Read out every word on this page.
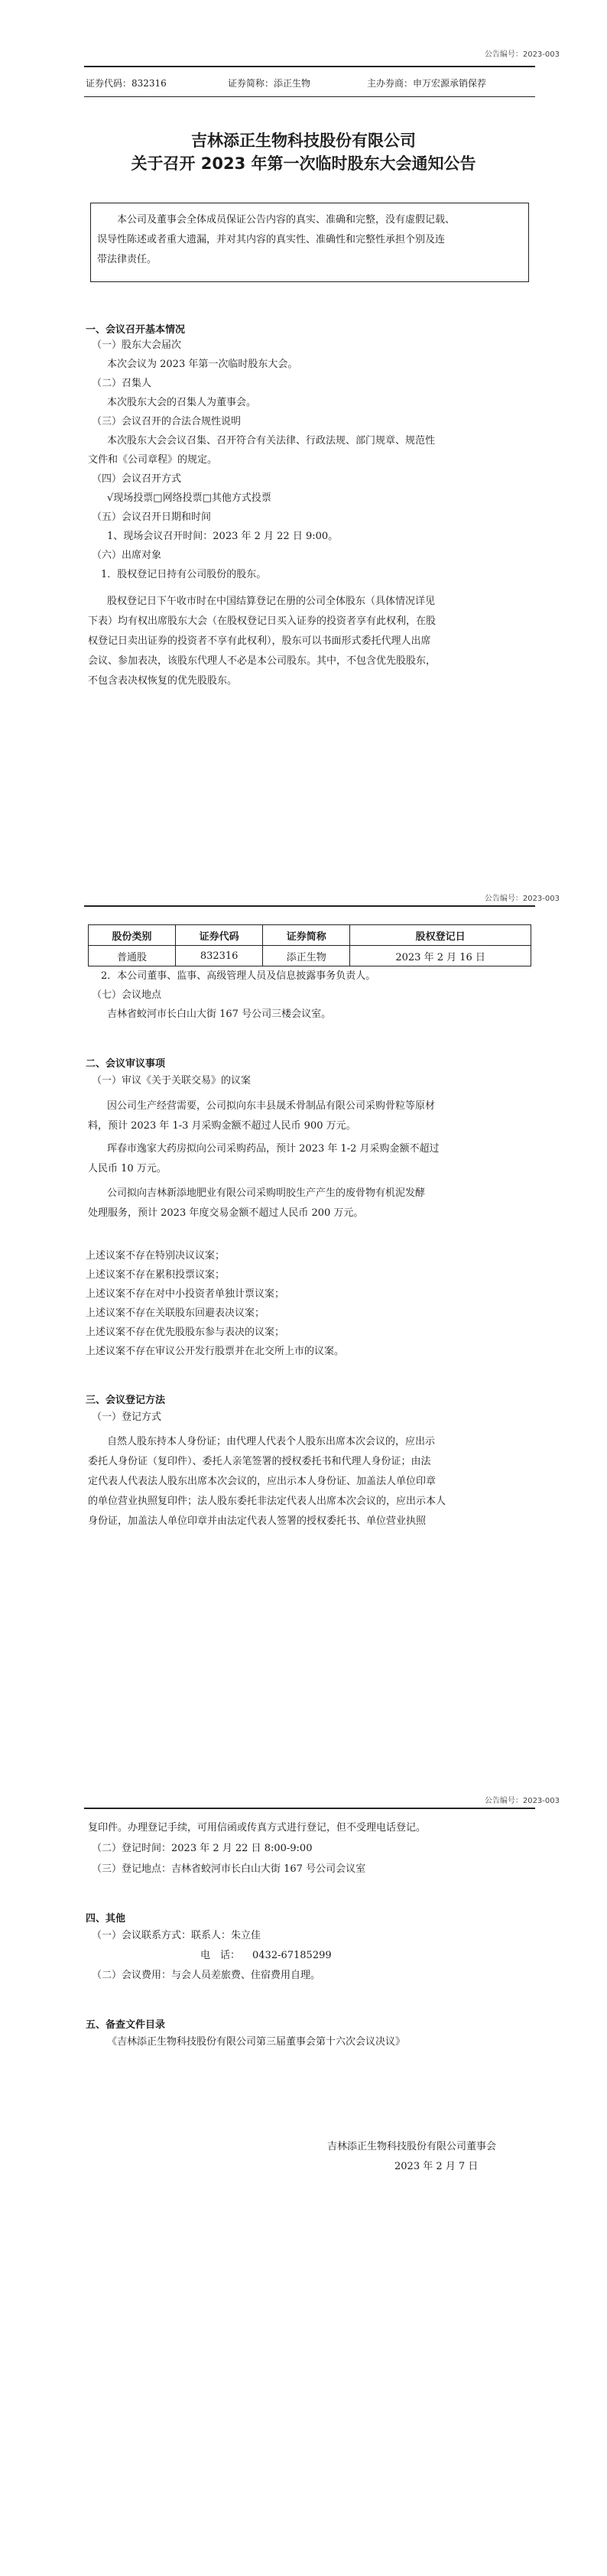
公告编号：2023-003
证券代码：832316	证券简称：添正生物	主办券商：申万宏源承销保荐
吉林添正生物科技股份有限公司
关于召开 2023 年第一次临时股东大会通知公告
本公司及董事会全体成员保证公告内容的真实、准确和完整，没有虚假记载、
误导性陈述或者重大遗漏，并对其内容的真实性、准确性和完整性承担个别及连
带法律责任。
一、会议召开基本情况
（一）股东大会届次
本次会议为 2023 年第一次临时股东大会。
（二）召集人
本次股东大会的召集人为董事会。
（三）会议召开的合法合规性说明
本次股东大会会议召集、召开符合有关法律、行政法规、部门规章、规范性
文件和《公司章程》的规定。
（四）会议召开方式
√现场投票□网络投票□其他方式投票
（五）会议召开日期和时间
1、现场会议召开时间：2023 年 2 月 22 日 9:00。
（六）出席对象
1．股权登记日持有公司股份的股东。
股权登记日下午收市时在中国结算登记在册的公司全体股东（具体情况详见
下表）均有权出席股东大会（在股权登记日买入证券的投资者享有此权利，在股
权登记日卖出证券的投资者不享有此权利），股东可以书面形式委托代理人出席
会议、参加表决，该股东代理人不必是本公司股东。其中，不包含优先股股东，
不包含表决权恢复的优先股股东。
公告编号：2023-003
股份类别	证券代码	证券简称	股权登记日
普通股	832316	添正生物	2023 年 2 月 16 日
2．本公司董事、监事、高级管理人员及信息披露事务负责人。
（七）会议地点
吉林省蛟河市长白山大街 167 号公司三楼会议室。
二、会议审议事项
（一）审议《关于关联交易》的议案
因公司生产经营需要，公司拟向东丰县晟禾骨制品有限公司采购骨粒等原材
料，预计 2023 年 1-3 月采购金额不超过人民币 900 万元。
珲春市逸家大药房拟向公司采购药品，预计 2023 年 1-2 月采购金额不超过
人民币 10 万元。
公司拟向吉林新添地肥业有限公司采购明胶生产产生的废骨物有机泥发酵
处理服务，预计 2023 年度交易金额不超过人民币 200 万元。
上述议案不存在特别决议议案；
上述议案不存在累积投票议案；
上述议案不存在对中小投资者单独计票议案；
上述议案不存在关联股东回避表决议案；
上述议案不存在优先股股东参与表决的议案；
上述议案不存在审议公开发行股票并在北交所上市的议案。
三、会议登记方法
（一）登记方式
自然人股东持本人身份证；由代理人代表个人股东出席本次会议的，应出示
委托人身份证（复印件）、委托人亲笔签署的授权委托书和代理人身份证；由法
定代表人代表法人股东出席本次会议的，应出示本人身份证、加盖法人单位印章
的单位营业执照复印件；法人股东委托非法定代表人出席本次会议的，应出示本人
身份证，加盖法人单位印章并由法定代表人签署的授权委托书、单位营业执照
公告编号：2023-003
复印件。办理登记手续，可用信函或传真方式进行登记，但不受理电话登记。
（二）登记时间：2023 年 2 月 22 日 8:00-9:00
（三）登记地点：吉林省蛟河市长白山大街 167 号公司会议室
四、其他
（一）会议联系方式：联系人：朱立佳
电　话： 0432-67185299
（二）会议费用：与会人员差旅费、住宿费用自理。
五、备查文件目录
《吉林添正生物科技股份有限公司第三届董事会第十六次会议决议》
吉林添正生物科技股份有限公司董事会
2023 年 2 月 7 日
